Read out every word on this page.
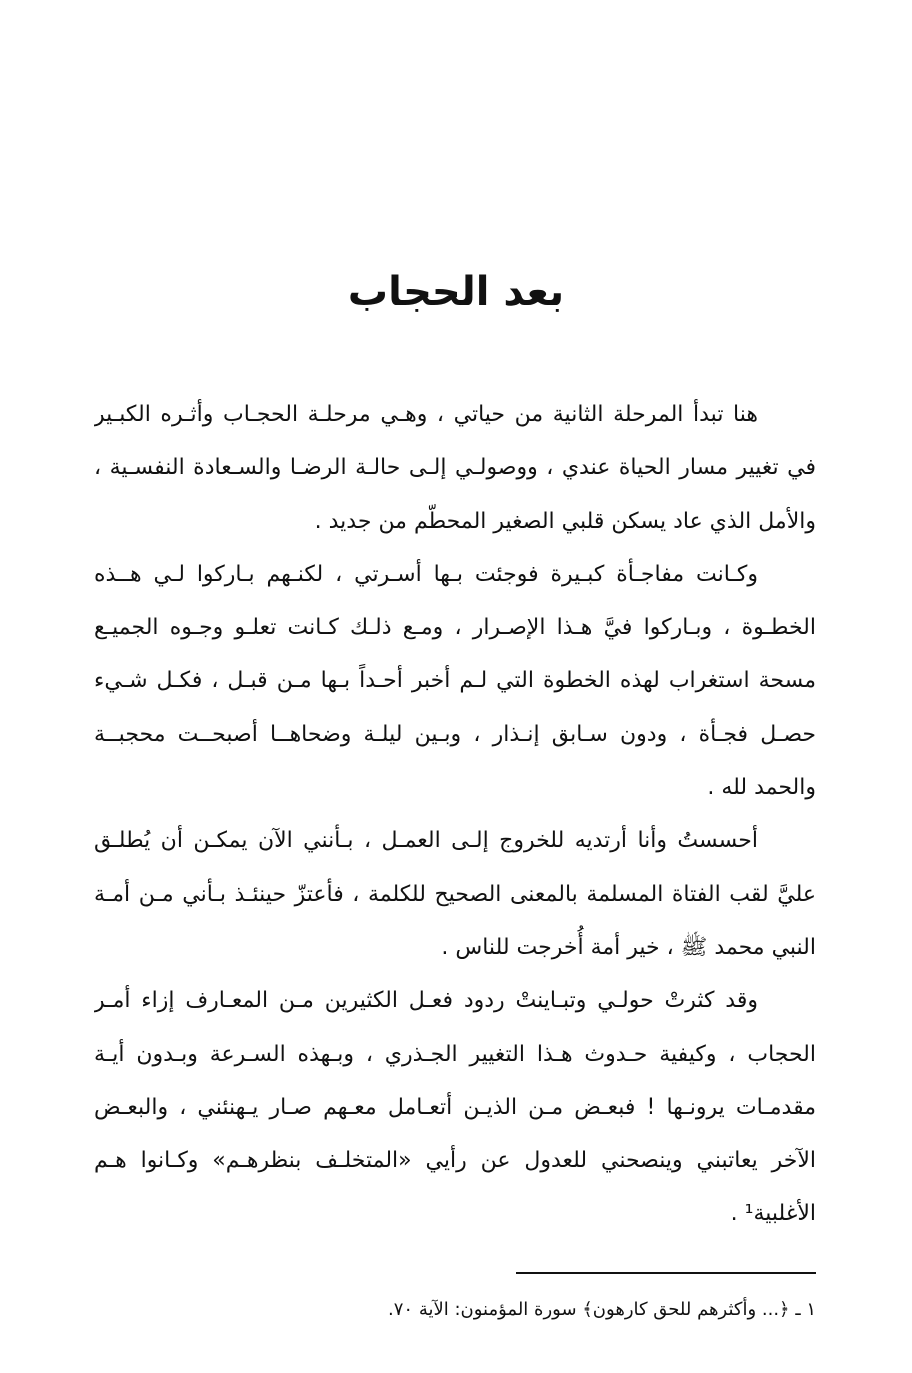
بعد الحجاب
هنا تبدأ المرحلة الثانية من حياتي ، وهـي مرحلـة الحجـاب وأثـره الكبـير
في تغيير مسار الحياة عندي ، ووصولـي إلـى حالـة الرضـا والسـعادة النفسـية ،
والأمل الذي عاد يسكن قلبي الصغير المحطّم من جديد .
وكـانت مفاجـأة كبـيرة فوجئت بـها أسـرتي ، لكنـهم بـاركوا لـي هــذه
الخطـوة ، وبـاركوا فيَّ هـذا الإصـرار ، ومـع ذلـك كـانت تعلـو وجـوه الجميـع
مسحة استغراب لهذه الخطوة التي لـم أخبر أحـداً بـها مـن قبـل ، فكـل شـيء
حصـل فجـأة ، ودون سـابق إنـذار ، وبـين ليلـة وضحاهــا أصبحــت محجبــة
والحمد لله .
أحسستُ وأنا أرتديه للخروج إلـى العمـل ، بـأنني الآن يمكـن أن يُطلـق
عليَّ لقب الفتاة المسلمة بالمعنى الصحيح للكلمة ، فأعتزّ حينئـذ بـأني مـن أمـة
النبي محمد ﷺ ، خير أمة أُخرجت للناس .
وقد كثرتْ حولـي وتبـاينتْ ردود فعـل الكثيرين مـن المعـارف إزاء أمـر
الحجاب ، وكيفية حـدوث هـذا التغيير الجـذري ، وبـهذه السـرعة وبـدون أيـة
مقدمـات يرونـها ! فبعـض مـن الذيـن أتعـامل معـهم صـار يـهنئني ، والبعـض
الآخر يعاتبني وينصحني للعدول عن رأيي «المتخلـف بنظرهـم» وكـانوا هـم
الأغلبية¹ .
١ ـ ﴿... وأكثرهم للحق كارهون﴾ سورة المؤمنون: الآية ٧٠.
